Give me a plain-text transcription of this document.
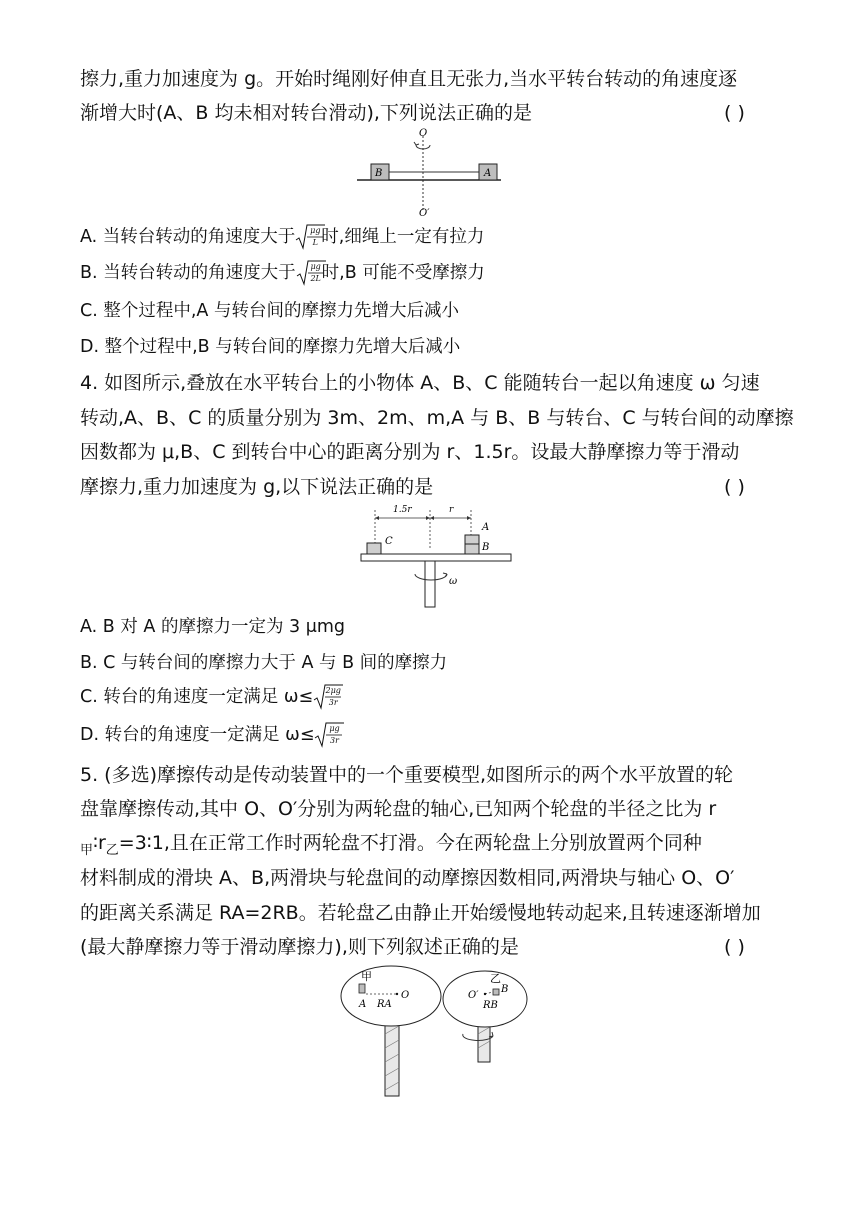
擦力,重力加速度为 g。开始时绳刚好伸直且无张力,当水平转台转动的角速度逐
渐增大时(A、B 均未相对转台滑动),下列说法正确的是	( )
O
O′
B	A
A. 当转台转动的角速度大于	μg
L 时,细绳上一定有拉力
B. 当转台转动的角速度大于	μg
2L 时,B 可能不受摩擦力
C. 整个过程中,A 与转台间的摩擦力先增大后减小
D. 整个过程中,B 与转台间的摩擦力先增大后减小
4. 如图所示,叠放在水平转台上的小物体 A、B、C 能随转台一起以角速度 ω 匀速
转动,A、B、C 的质量分别为 3m、2m、m,A 与 B、B 与转台、C 与转台间的动摩擦
因数都为 μ,B、C 到转台中心的距离分别为 r、1.5r。设最大静摩擦力等于滑动
摩擦力,重力加速度为 g,以下说法正确的是	( )
1.5r	r
C
A
B
ω
A. B 对 A 的摩擦力一定为 3 μmg
B. C 与转台间的摩擦力大于 A 与 B 间的摩擦力
C. 转台的角速度一定满足 ω≤ 2μg
3r
D. 转台的角速度一定满足 ω≤	μg
3r
5. (多选)摩擦传动是传动装置中的一个重要模型,如图所示的两个水平放置的轮
盘靠摩擦传动,其中 O、O′分别为两轮盘的轴心,已知两个轮盘的半径之比为 r
$_甲∶r_乙=3∶1$,且在正常工作时两轮盘不打滑。今在两轮盘上分别放置两个同种
材料制成的滑块 A、B,两滑块与轮盘间的动摩擦因数相同,两滑块与轴心 O、O′
的距离关系满足 RA=2RB。若轮盘乙由静止开始缓慢地转动起来,且转速逐渐增加
(最大静摩擦力等于滑动摩擦力),则下列叙述正确的是	( )
甲
A RA
O
乙
B
O′
RB
